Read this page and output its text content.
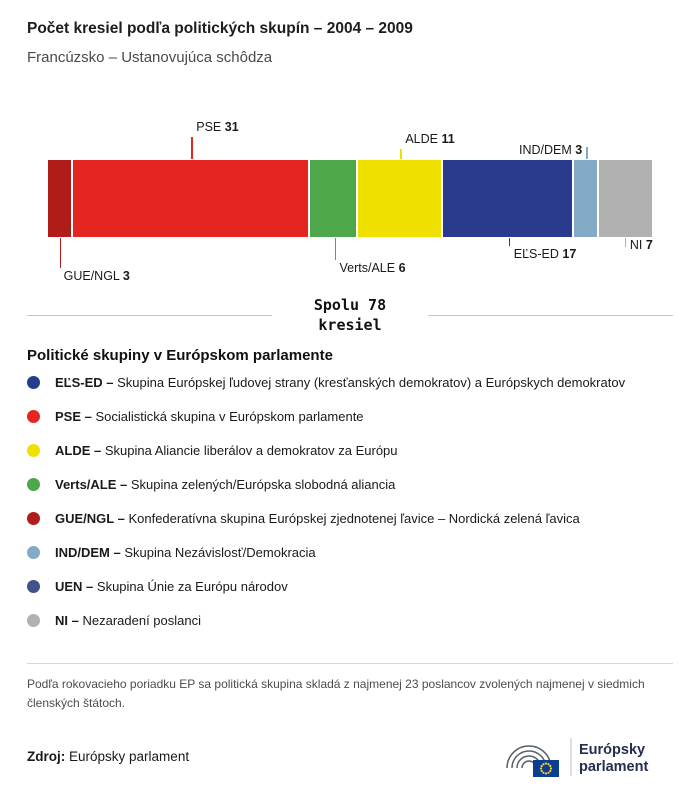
Počet kresiel podľa politických skupín – 2004 – 2009
Francúzsko – Ustanovujúca schôdza
GUE/NGL 3
PSE 31
Verts/ALE 6
ALDE 11
EĽS-ED 17
IND/DEM 3
NI 7
Spolu 78
kresiel
Politické skupiny v Európskom parlamente
EĽS-ED – Skupina Európskej ľudovej strany (kresťanských demokratov) a Európskych demokratov
PSE – Socialistická skupina v Európskom parlamente
ALDE – Skupina Aliancie liberálov a demokratov za Európu
Verts/ALE – Skupina zelených/Európska slobodná aliancia
GUE/NGL – Konfederatívna skupina Európskej zjednotenej ľavice – Nordická zelená ľavica
IND/DEM – Skupina Nezávislosť/Demokracia
UEN – Skupina Únie za Európu národov
NI – Nezaradení poslanci

Podľa rokovacieho poriadku EP sa politická skupina skladá z najmenej 23 poslancov zvolených najmenej v siedmich členských štátoch.

Zdroj: Európsky parlament	Európsky
parlament
